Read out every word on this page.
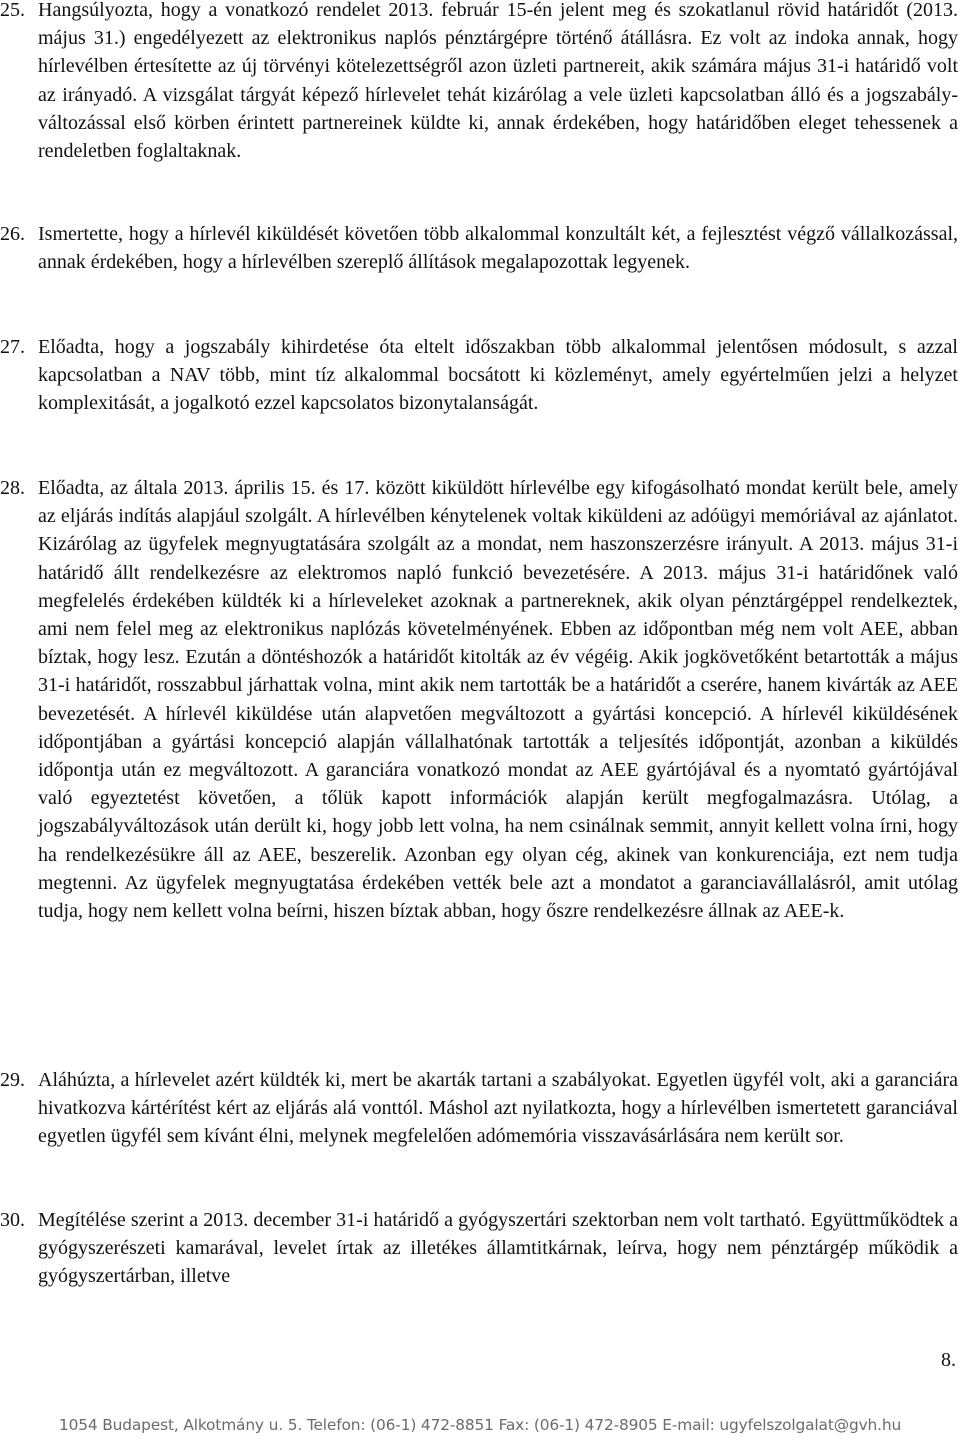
25. Hangsúlyozta, hogy a vonatkozó rendelet 2013. február 15-én jelent meg és szokatlanul rövid határidőt (2013. május 31.) engedélyezett az elektronikus naplós pénztárgépre történő átállásra. Ez volt az indoka annak, hogy hírlevélben értesítette az új törvényi kötelezettségről azon üzleti partnereit, akik számára május 31-i határidő volt az irányadó. A vizsgálat tárgyát képező hírlevelet tehát kizárólag a vele üzleti kapcsolatban álló és a jogszabály-változással első körben érintett partnereinek küldte ki, annak érdekében, hogy határidőben eleget tehessenek a rendeletben foglaltaknak.
26. Ismertette, hogy a hírlevél kiküldését követően több alkalommal konzultált két, a fejlesztést végző vállalkozással, annak érdekében, hogy a hírlevélben szereplő állítások megalapozottak legyenek.
27. Előadta, hogy a jogszabály kihirdetése óta eltelt időszakban több alkalommal jelentősen módosult, s azzal kapcsolatban a NAV több, mint tíz alkalommal bocsátott ki közleményt, amely egyértelműen jelzi a helyzet komplexitását, a jogalkotó ezzel kapcsolatos bizonytalanságát.
28. Előadta, az általa 2013. április 15. és 17. között kiküldött hírlevélbe egy kifogásolható mondat került bele, amely az eljárás indítás alapjául szolgált. A hírlevélben kénytelenek voltak kiküldeni az adóügyi memóriával az ajánlatot. Kizárólag az ügyfelek megnyugtatására szolgált az a mondat, nem haszonszerzésre irányult. A 2013. május 31-i határidő állt rendelkezésre az elektromos napló funkció bevezetésére. A 2013. május 31-i határidőnek való megfelelés érdekében küldték ki a hírleveleket azoknak a partnereknek, akik olyan pénztárgéppel rendelkeztek, ami nem felel meg az elektronikus naplózás követelményének. Ebben az időpontban még nem volt AEE, abban bíztak, hogy lesz. Ezután a döntéshozók a határidőt kitolták az év végéig. Akik jogkövetőként betartották a május 31-i határidőt, rosszabbul járhattak volna, mint akik nem tartották be a határidőt a cserére, hanem kivárták az AEE bevezetését. A hírlevél kiküldése után alapvetően megváltozott a gyártási koncepció. A hírlevél kiküldésének időpontjában a gyártási koncepció alapján vállalhatónak tartották a teljesítés időpontját, azonban a kiküldés időpontja után ez megváltozott. A garanciára vonatkozó mondat az AEE gyártójával és a nyomtató gyártójával való egyeztetést követően, a tőlük kapott információk alapján került megfogalmazásra. Utólag, a jogszabályváltozások után derült ki, hogy jobb lett volna, ha nem csinálnak semmit, annyit kellett volna írni, hogy ha rendelkezésükre áll az AEE, beszerelik. Azonban egy olyan cég, akinek van konkurenciája, ezt nem tudja megtenni. Az ügyfelek megnyugtatása érdekében vették bele azt a mondatot a garanciavállalásról, amit utólag tudja, hogy nem kellett volna beírni, hiszen bíztak abban, hogy őszre rendelkezésre állnak az AEE-k.
29. Aláhúzta, a hírlevelet azért küldték ki, mert be akarták tartani a szabályokat. Egyetlen ügyfél volt, aki a garanciára hivatkozva kártérítést kért az eljárás alá vonttól. Máshol azt nyilatkozta, hogy a hírlevélben ismertetett garanciával egyetlen ügyfél sem kívánt élni, melynek megfelelően adómemória visszavásárlására nem került sor.
30. Megítélése szerint a 2013. december 31-i határidő a gyógyszertári szektorban nem volt tartható. Együttműködtek a gyógyszerészeti kamarával, levelet írtak az illetékes államtitkárnak, leírva, hogy nem pénztárgép működik a gyógyszertárban, illetve
8.
1054 Budapest, Alkotmány u. 5. Telefon: (06-1) 472-8851 Fax: (06-1) 472-8905 E-mail: ugyfelszolgalat@gvh.hu
